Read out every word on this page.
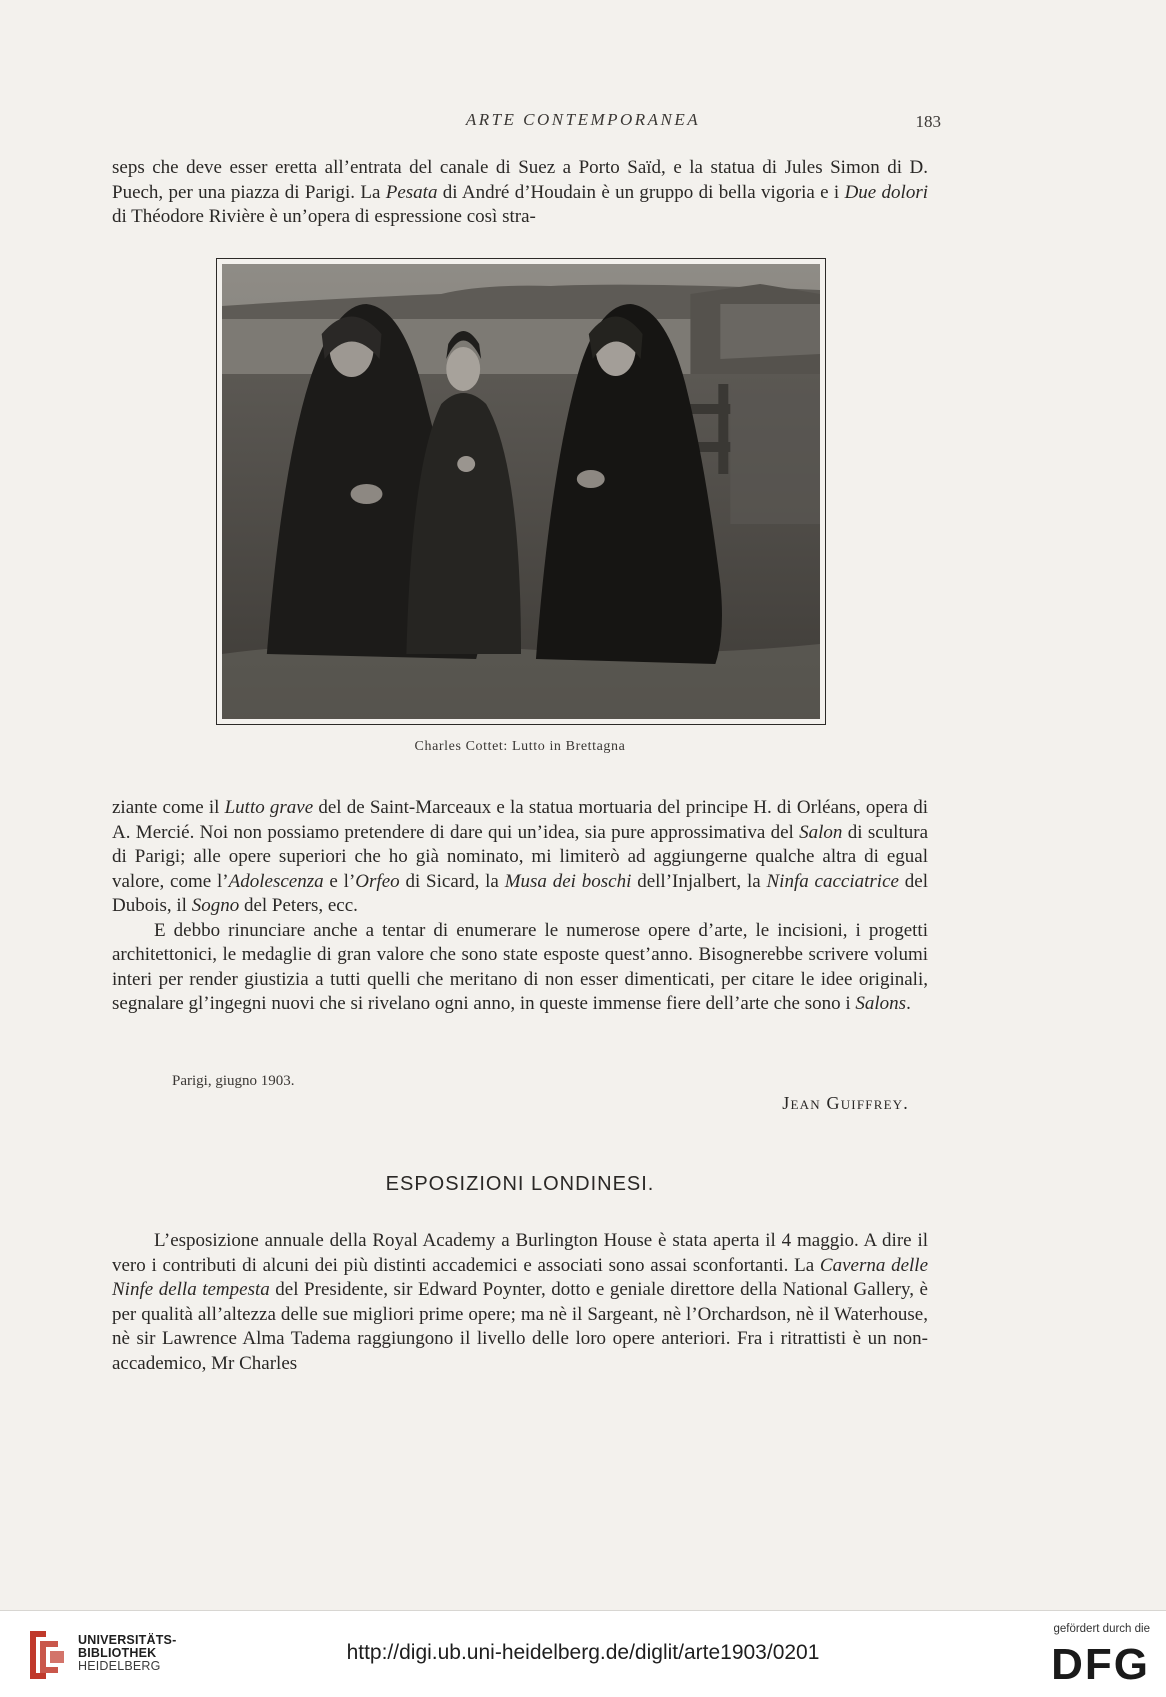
ARTE CONTEMPORANEA	183

seps che deve esser eretta all’entrata del canale di Suez a Porto Saïd, e la statua di Jules Simon di D. Puech, per una piazza di Parigi. La Pesata di André d’Houdain è un gruppo di bella vigoria e i Due dolori di Théodore Rivière è un’opera di espressione così stra-

Charles Cottet: Lutto in Brettagna

ziante come il Lutto grave del de Saint-Marceaux e la statua mortuaria del principe H. di Orléans, opera di A. Mercié. Noi non possiamo pretendere di dare qui un’idea, sia pure approssimativa del Salon di scultura di Parigi; alle opere superiori che ho già nominato, mi limiterò ad aggiungerne qualche altra di egual valore, come l’Adolescenza e l’Orfeo di Sicard, la Musa dei boschi dell’Injalbert, la Ninfa cacciatrice del Dubois, il Sogno del Peters, ecc.

E debbo rinunciare anche a tentar di enumerare le numerose opere d’arte, le incisioni, i progetti architettonici, le medaglie di gran valore che sono state esposte quest’anno. Bisognerebbe scrivere volumi interi per render giustizia a tutti quelli che meritano di non esser dimenticati, per citare le idee originali, segnalare gl’ingegni nuovi che si rivelano ogni anno, in queste immense fiere dell’arte che sono i Salons.

Parigi, giugno 1903.
Jean Guiffrey.
ESPOSIZIONI LONDINESI.

L’esposizione annuale della Royal Academy a Burlington House è stata aperta il 4 maggio. A dire il vero i contributi di alcuni dei più distinti accademici e associati sono assai sconfortanti. La Caverna delle Ninfe della tempesta del Presidente, sir Edward Poynter, dotto e geniale direttore della National Gallery, è per qualità all’altezza delle sue migliori prime opere; ma nè il Sargeant, nè l’Orchardson, nè il Waterhouse, nè sir Lawrence Alma Tadema raggiungono il livello delle loro opere anteriori. Fra i ritrattisti è un non-accademico, Mr Charles

UNIVERSITÄTS-
BIBLIOTHEK
HEIDELBERG
http://digi.ub.uni-heidelberg.de/diglit/arte1903/0201
gefördert durch die
DFG
